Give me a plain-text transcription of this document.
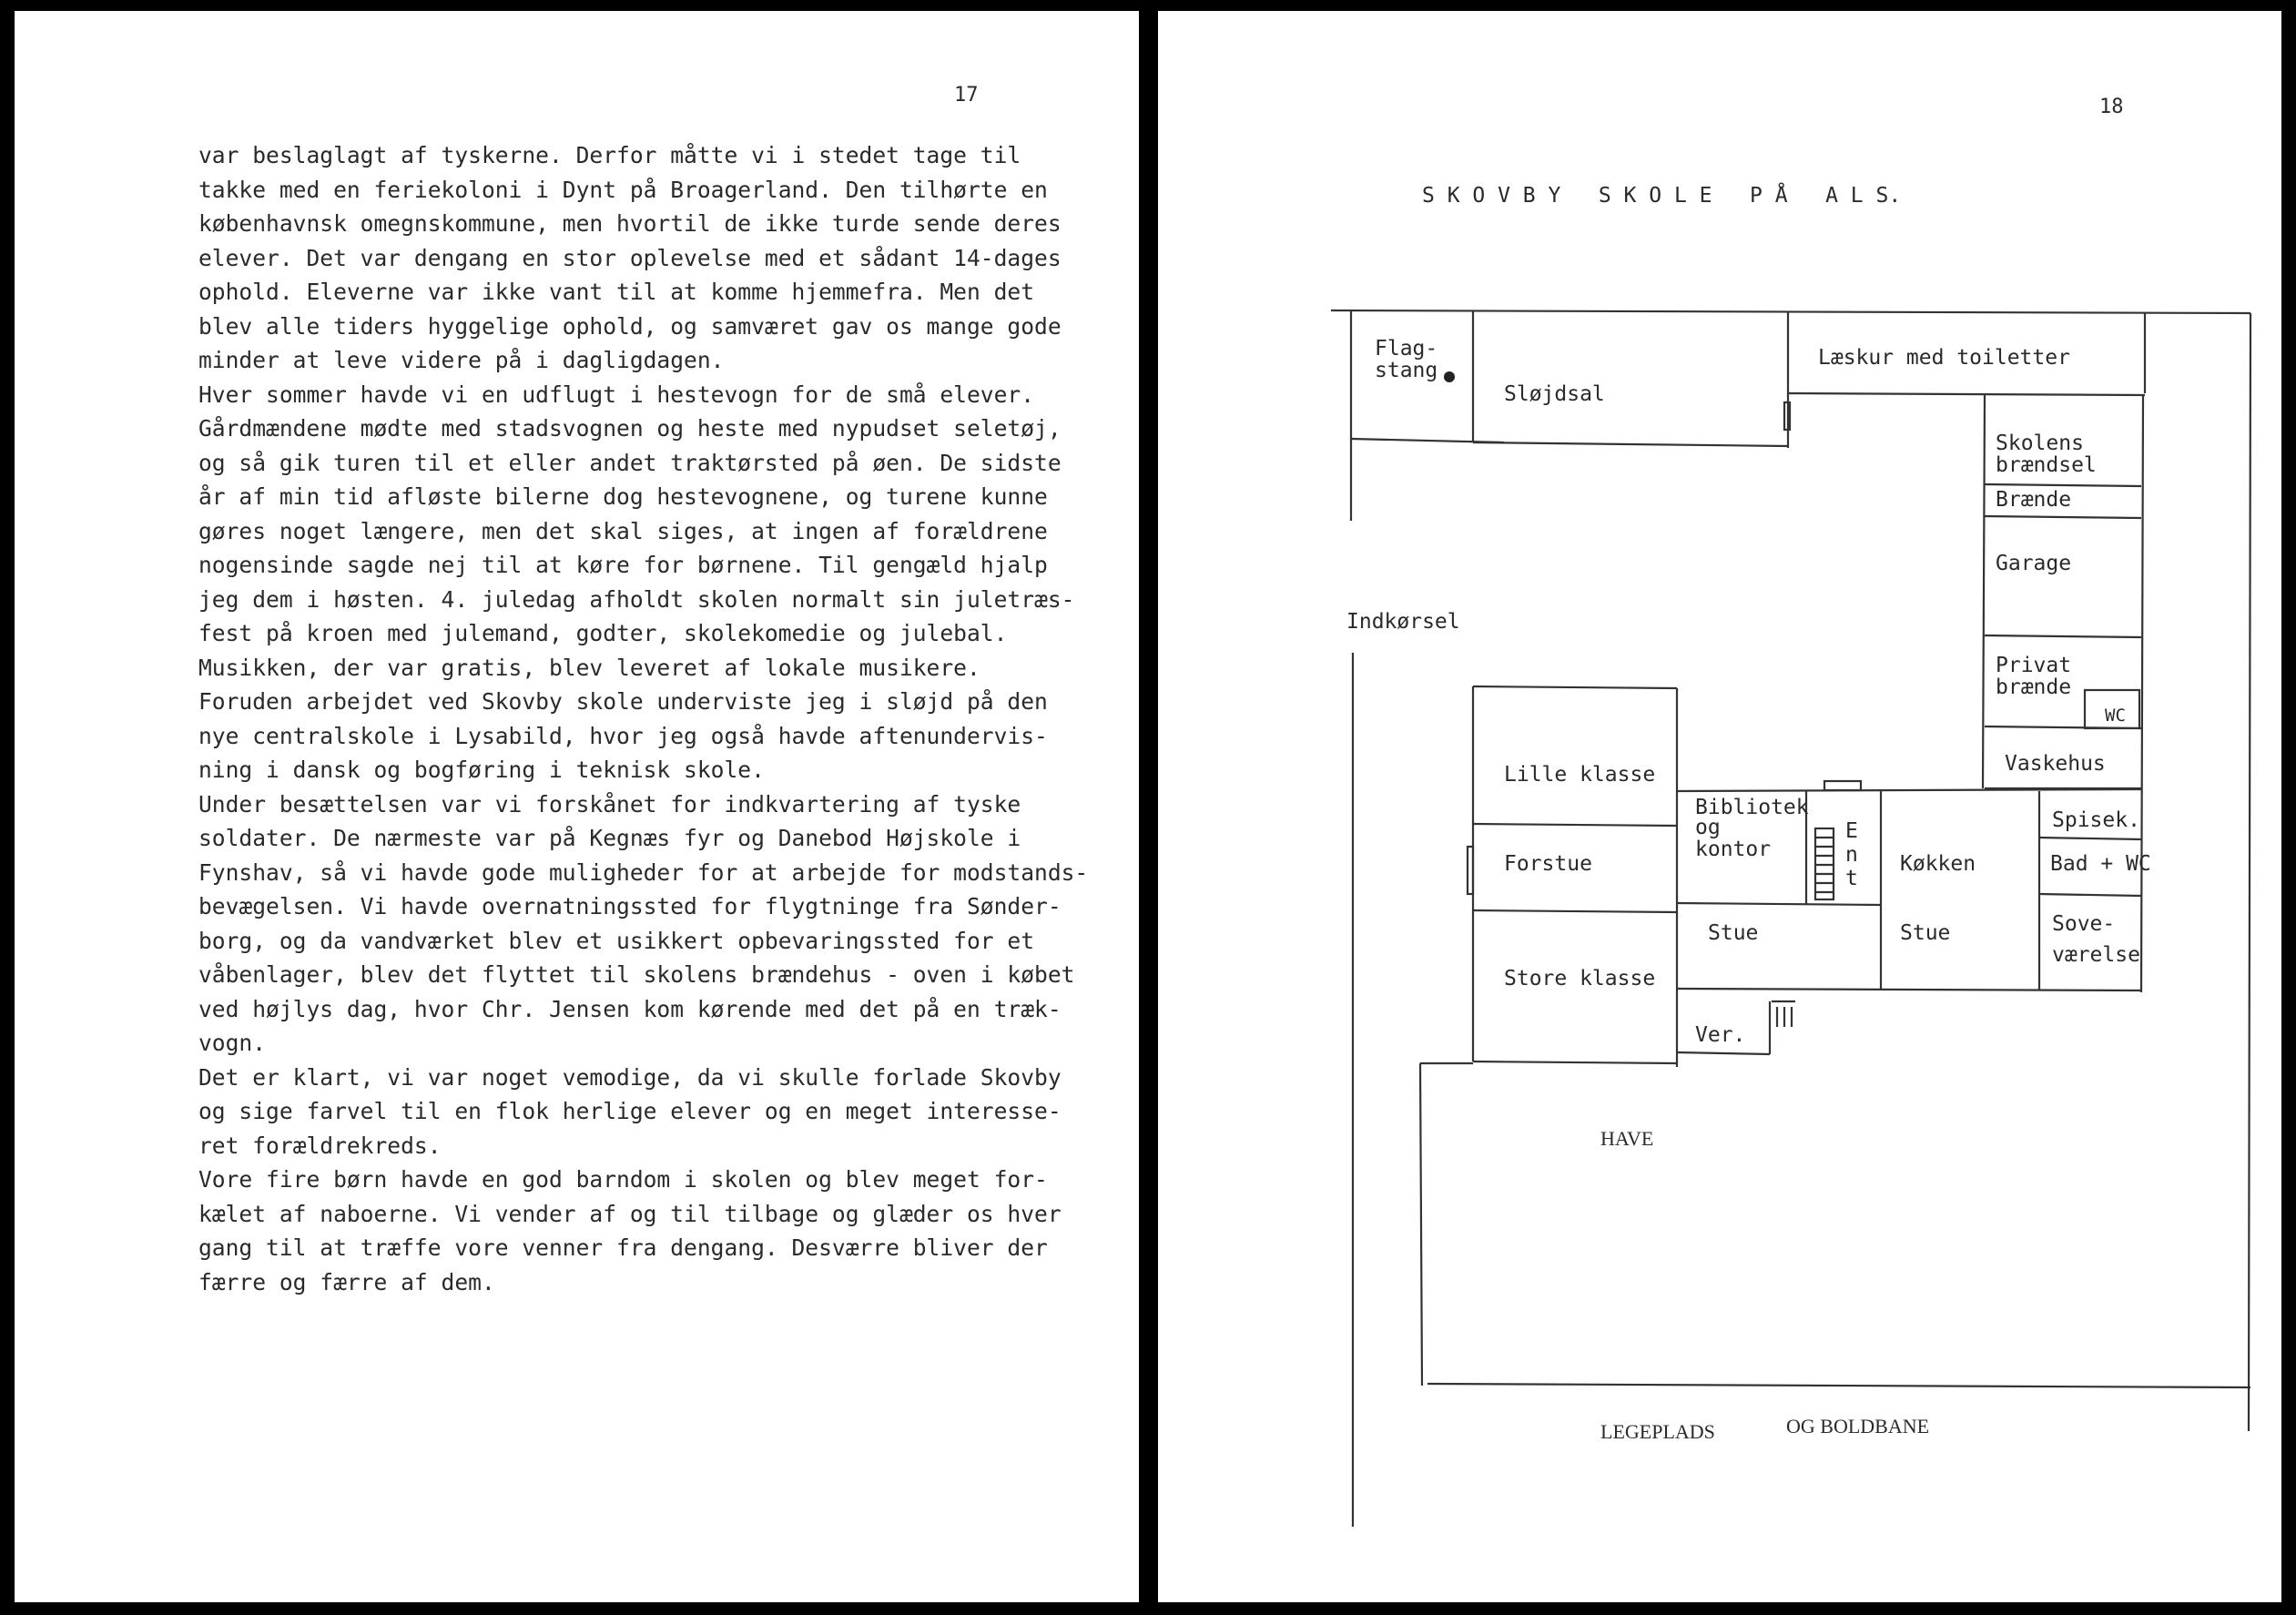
17
var beslaglagt af tyskerne. Derfor måtte vi i stedet tage til
takke med en feriekoloni i Dynt på Broagerland. Den tilhørte en
københavnsk omegnskommune, men hvortil de ikke turde sende deres
elever. Det var dengang en stor oplevelse med et sådant 14-dages
ophold. Eleverne var ikke vant til at komme hjemmefra. Men det
blev alle tiders hyggelige ophold, og samværet gav os mange gode
minder at leve videre på i dagligdagen.
Hver sommer havde vi en udflugt i hestevogn for de små elever.
Gårdmændene mødte med stadsvognen og heste med nypudset seletøj,
og så gik turen til et eller andet traktørsted på øen. De sidste
år af min tid afløste bilerne dog hestevognene, og turene kunne
gøres noget længere, men det skal siges, at ingen af forældrene
nogensinde sagde nej til at køre for børnene. Til gengæld hjalp
jeg dem i høsten. 4. juledag afholdt skolen normalt sin juletræs-
fest på kroen med julemand, godter, skolekomedie og julebal.
Musikken, der var gratis, blev leveret af lokale musikere.
Foruden arbejdet ved Skovby skole underviste jeg i sløjd på den
nye centralskole i Lysabild, hvor jeg også havde aftenundervis-
ning i dansk og bogføring i teknisk skole.
Under besættelsen var vi forskånet for indkvartering af tyske
soldater. De nærmeste var på Kegnæs fyr og Danebod Højskole i
Fynshav, så vi havde gode muligheder for at arbejde for modstands-
bevægelsen. Vi havde overnatningssted for flygtninge fra Sønder-
borg, og da vandværket blev et usikkert opbevaringssted for et
våbenlager, blev det flyttet til skolens brændehus - oven i købet
ved højlys dag, hvor Chr. Jensen kom kørende med det på en træk-
vogn.
Det er klart, vi var noget vemodige, da vi skulle forlade Skovby
og sige farvel til en flok herlige elever og en meget interesse-
ret forældrekreds.
Vore fire børn havde en god barndom i skolen og blev meget for-
kælet af naboerne. Vi vender af og til tilbage og glæder os hver
gang til at træffe vore venner fra dengang. Desværre bliver der
færre og færre af dem.
18
S K O V B Y   S K O L E   P Å   A L S.
Flag-
stang
Sløjdsal
Læskur med toiletter
Skolens
brændsel
Brænde
Garage
Indkørsel
Privat
brænde
WC
Vaskehus
Lille klasse
Bibliotek
og
kontor
E
n
t
Spisek.
Forstue	Køkken	Bad + WC
Stue	Stue	Sove-
værelse
Store klasse
Ver.
HAVE
LEGEPLADS	OG BOLDBANE
